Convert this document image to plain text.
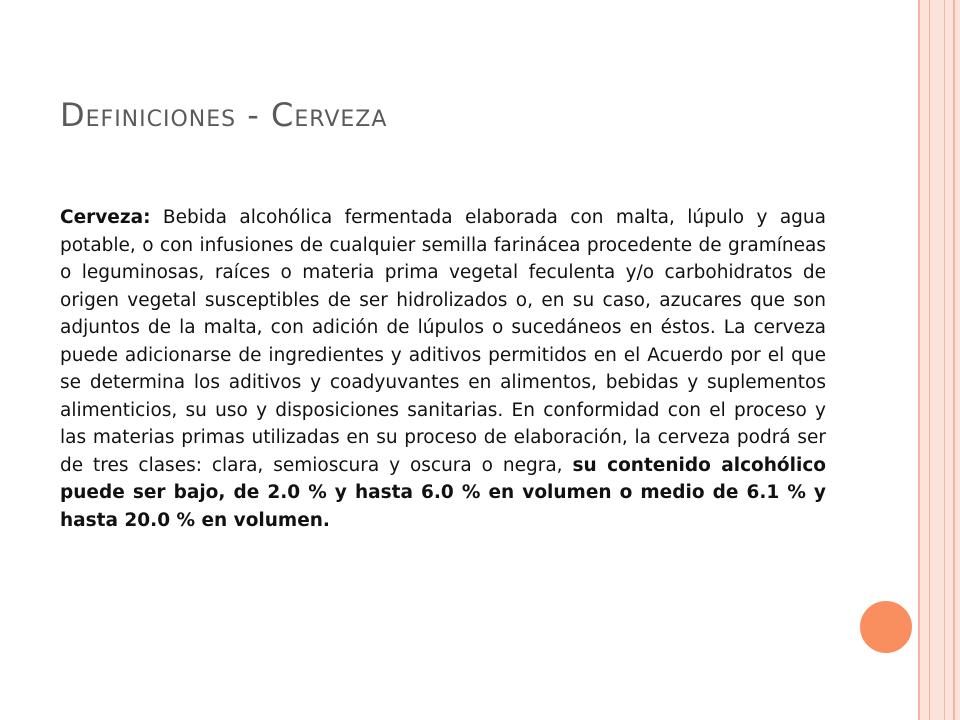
Definiciones - Cerveza

Cerveza: Bebida alcohólica fermentada elaborada con malta, lúpulo y agua potable, o con infusiones de cualquier semilla farinácea procedente de gramíneas o leguminosas, raíces o materia prima vegetal feculenta y/o carbohidratos de origen vegetal susceptibles de ser hidrolizados o, en su caso, azucares que son adjuntos de la malta, con adición de lúpulos o sucedáneos en éstos. La cerveza puede adicionarse de ingredientes y aditivos permitidos en el Acuerdo por el que se determina los aditivos y coadyuvantes en alimentos, bebidas y suplementos alimenticios, su uso y disposiciones sanitarias. En conformidad con el proceso y las materias primas utilizadas en su proceso de elaboración, la cerveza podrá ser de tres clases: clara, semioscura y oscura o negra, su contenido alcohólico puede ser bajo, de 2.0 % y hasta 6.0 % en volumen o medio de 6.1 % y hasta 20.0 % en volumen.
